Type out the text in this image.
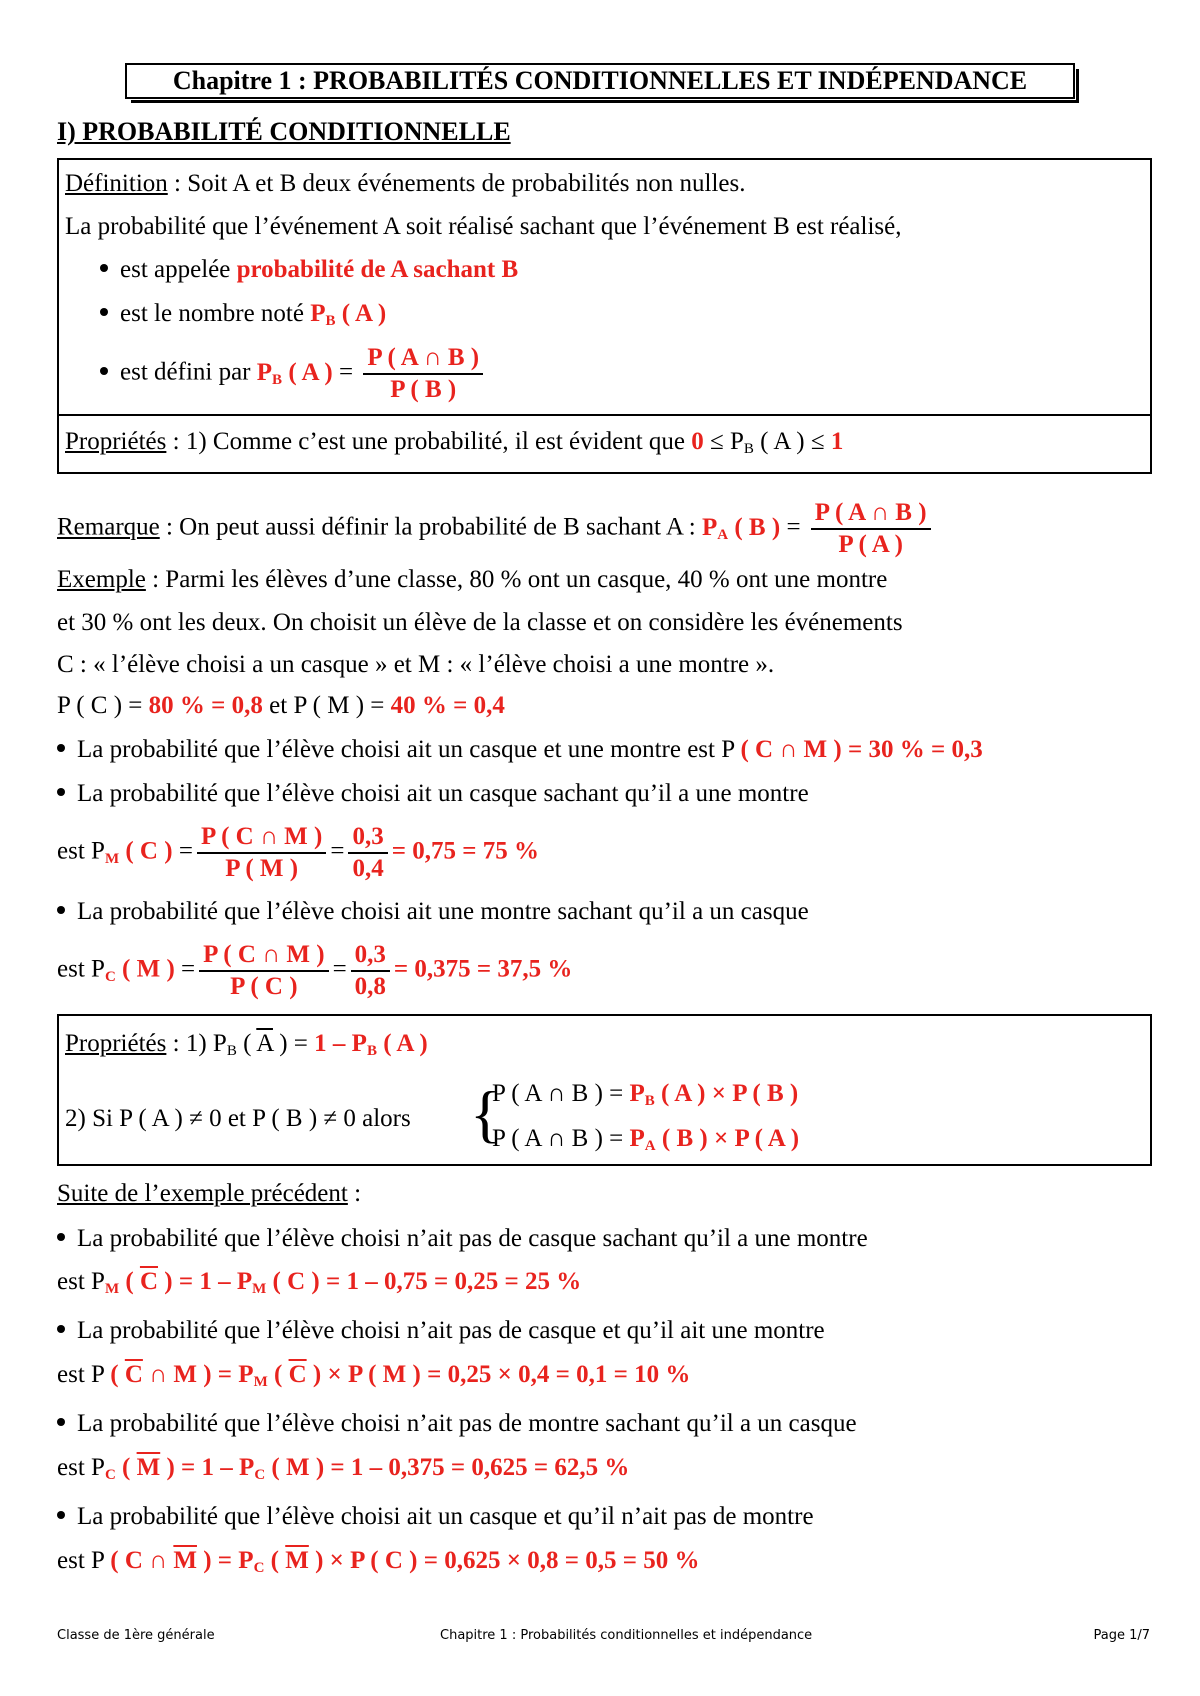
Chapitre 1 : PROBABILITÉS CONDITIONNELLES ET INDÉPENDANCE
I) PROBABILITÉ CONDITIONNELLE
Définition : Soit A et B deux événements de probabilités non nulles.
La probabilité que l’événement A soit réalisé sachant que l’événement B est réalisé,
est appelée probabilité de A sachant B
est le nombre noté PB ( A )
est défini par PB ( A ) = $\frac{P ( A \cap B )}{P ( B )}$
Propriétés : 1) Comme c’est une probabilité, il est évident que 0 ≤ PB ( A ) ≤ 1
Remarque : On peut aussi définir la probabilité de B sachant A : PA ( B ) = $\frac{P ( A \cap B )}{P ( A )}$
Exemple : Parmi les élèves d’une classe, 80 % ont un casque, 40 % ont une montre
et 30 % ont les deux. On choisit un élève de la classe et on considère les événements
C : « l’élève choisi a un casque » et M : « l’élève choisi a une montre ».
P ( C ) = 80 % = 0,8 et P ( M ) = 40 % = 0,4
La probabilité que l’élève choisi ait un casque et une montre est P ( C ∩ M ) = 30 % = 0,3
La probabilité que l’élève choisi ait un casque sachant qu’il a une montre
est PM ( C ) = $\frac{P ( C \cap M )}{P ( M )} = \frac{0,3}{0,4} = 0,75 = 75$ %
La probabilité que l’élève choisi ait une montre sachant qu’il a un casque
est PC ( M ) = $\frac{P ( C \cap M )}{P ( C )} = \frac{0,3}{0,8} = 0,375 = 37,5$ %
Propriétés : 1) PB ( $\overline{A}$ ) = 1 – PB ( A )
2) Si P ( A ) ≠ 0 et P ( B ) ≠ 0 alors {
P ( A ∩ B ) = PB ( A ) × P ( B )
P ( A ∩ B ) = PA ( B ) × P ( A )
Suite de l’exemple précédent :
La probabilité que l’élève choisi n’ait pas de casque sachant qu’il a une montre
est PM ( $\overline{C}$ ) = 1 – PM ( C ) = 1 – 0,75 = 0,25 = 25 %
La probabilité que l’élève choisi n’ait pas de casque et qu’il ait une montre
est P ( $\overline{C}$ ∩ M ) = PM ( $\overline{C}$ ) × P ( M ) = 0,25 × 0,4 = 0,1 = 10 %
La probabilité que l’élève choisi n’ait pas de montre sachant qu’il a un casque
est PC ( $\overline{M}$ ) = 1 – PC ( M ) = 1 – 0,375 = 0,625 = 62,5 %
La probabilité que l’élève choisi ait un casque et qu’il n’ait pas de montre
est P ( C ∩ $\overline{M}$ ) = PC ( $\overline{M}$ ) × P ( C ) = 0,625 × 0,8 = 0,5 = 50 %
Classe de 1ère générale	Chapitre 1 : Probabilités conditionnelles et indépendance	Page 1/7
